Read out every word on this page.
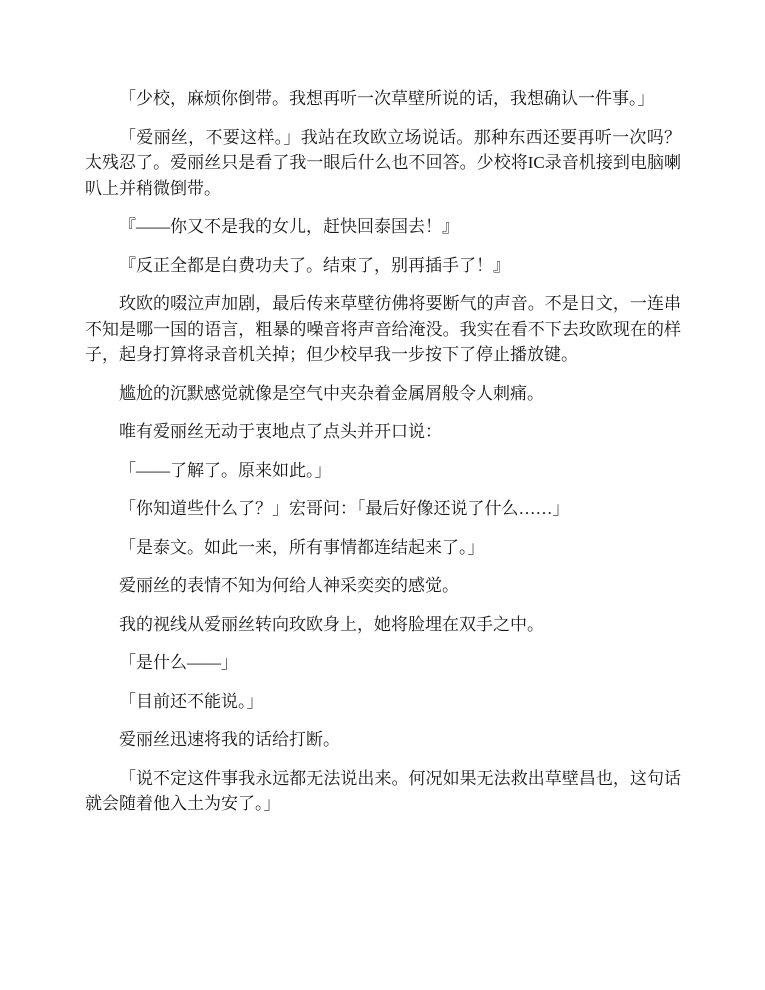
「少校，麻烦你倒带。我想再听一次草壁所说的话，我想确认一件事。」

「爱丽丝，不要这样。」我站在玫欧立场说话。那种东西还要再听一次吗？太残忍了。爱丽丝只是看了我一眼后什么也不回答。少校将IC录音机接到电脑喇叭上并稍微倒带。

『——你又不是我的女儿，赶快回泰国去！』

『反正全都是白费功夫了。结束了，别再插手了！』

玫欧的啜泣声加剧，最后传来草壁彷佛将要断气的声音。不是日文，一连串不知是哪一国的语言，粗暴的噪音将声音给淹没。我实在看不下去玫欧现在的样子，起身打算将录音机关掉；但少校早我一步按下了停止播放键。

尴尬的沉默感觉就像是空气中夹杂着金属屑般令人刺痛。

唯有爱丽丝无动于衷地点了点头并开口说：

「——了解了。原来如此。」

「你知道些什么了？」宏哥问：「最后好像还说了什么……」

「是泰文。如此一来，所有事情都连结起来了。」

爱丽丝的表情不知为何给人神采奕奕的感觉。

我的视线从爱丽丝转向玫欧身上，她将脸埋在双手之中。

「是什么——」

「目前还不能说。」

爱丽丝迅速将我的话给打断。

「说不定这件事我永远都无法说出来。何况如果无法救出草壁昌也，这句话就会随着他入土为安了。」
